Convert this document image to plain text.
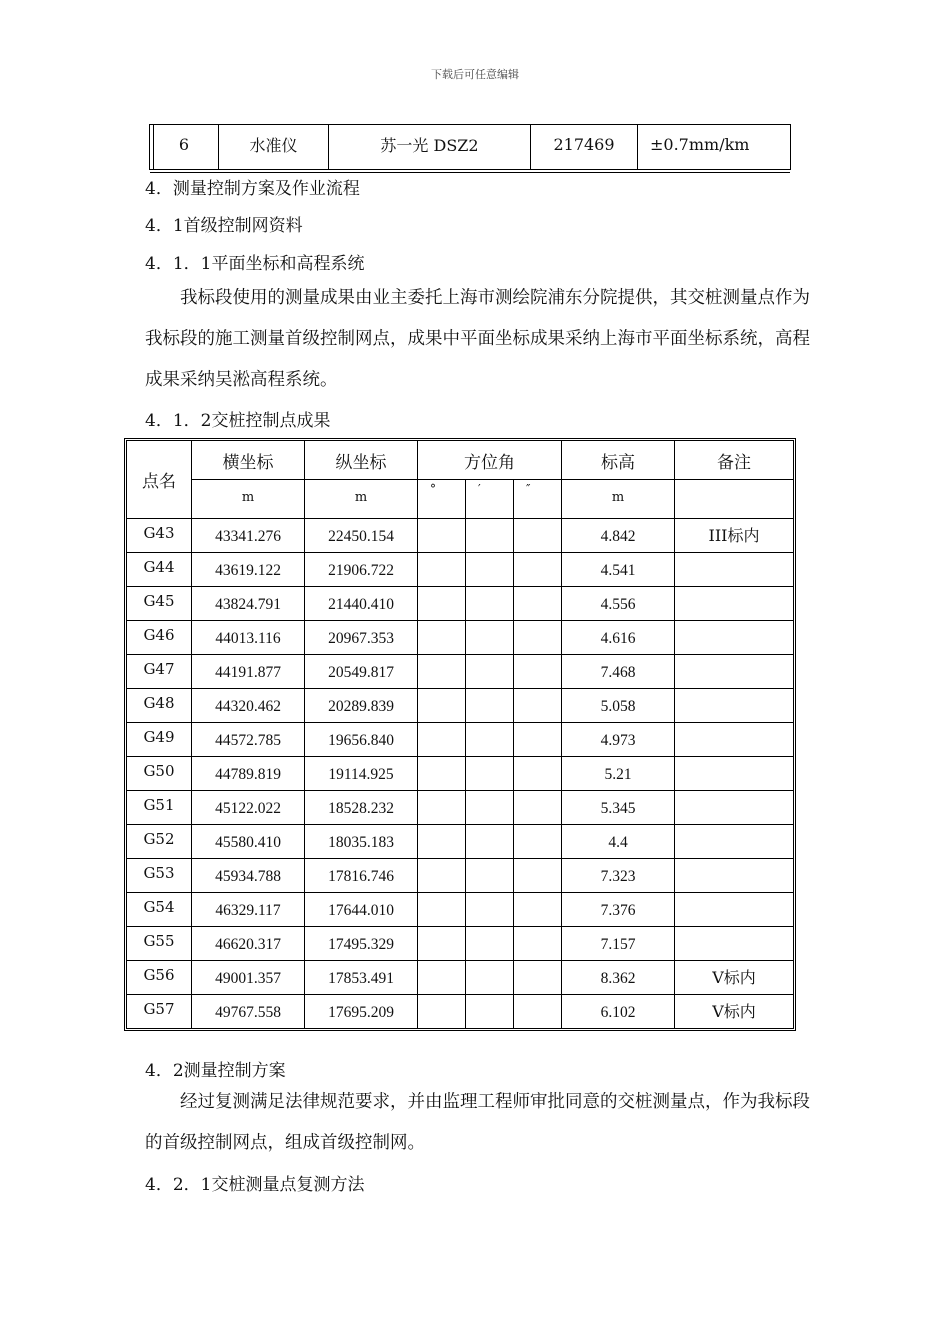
下载后可任意编辑
6	水准仪	苏一光 DSZ2	217469	±0.7mm/km
4．测量控制方案及作业流程
4．1首级控制网资料
4．1．1平面坐标和高程系统
我标段使用的测量成果由业主委托上海市测绘院浦东分院提供，其交桩测量点作为我标段的施工测量首级控制网点，成果中平面坐标成果采纳上海市平面坐标系统，高程成果采纳吴淞高程系统。
4．1．2交桩控制点成果
点名	横坐标	纵坐标	方位角			标高	备注
	m	m	°	′	″	m	
G43	43341.276	22450.154				4.842	III标内
G44	43619.122	21906.722				4.541	
G45	43824.791	21440.410				4.556	
G46	44013.116	20967.353				4.616	
G47	44191.877	20549.817				7.468	
G48	44320.462	20289.839				5.058	
G49	44572.785	19656.840				4.973	
G50	44789.819	19114.925				5.21	
G51	45122.022	18528.232				5.345	
G52	45580.410	18035.183				4.4	
G53	45934.788	17816.746				7.323	
G54	46329.117	17644.010				7.376	
G55	46620.317	17495.329				7.157	
G56	49001.357	17853.491				8.362	V标内
G57	49767.558	17695.209				6.102	V标内
4．2测量控制方案
经过复测满足法律规范要求，并由监理工程师审批同意的交桩测量点，作为我标段的首级控制网点，组成首级控制网。
4．2．1交桩测量点复测方法
